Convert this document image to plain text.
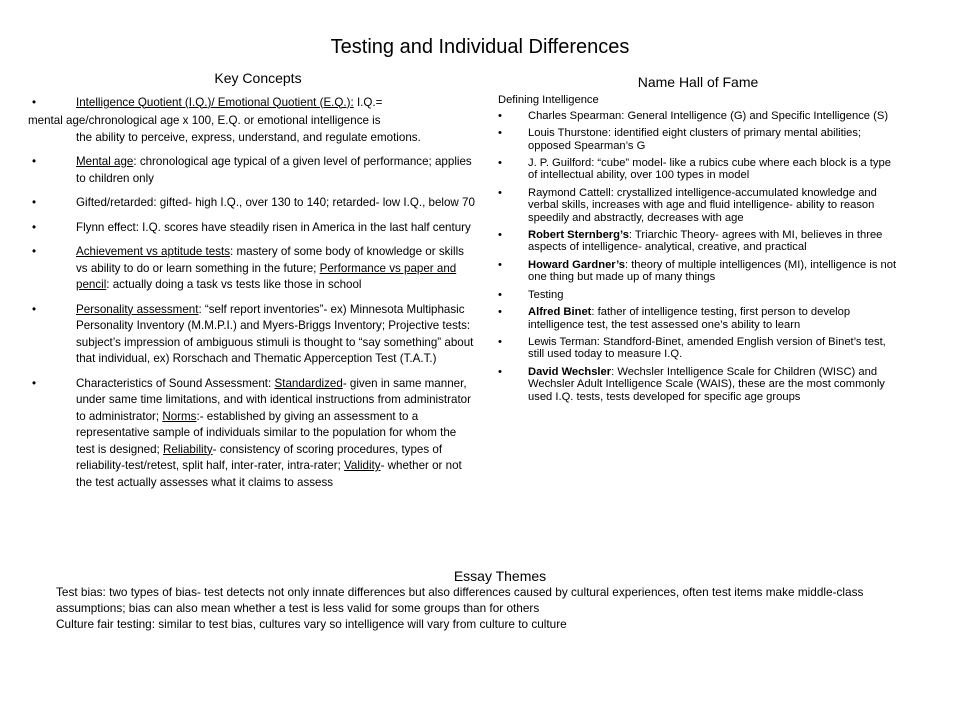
Testing and Individual Differences
Key Concepts
•	Intelligence Quotient (I.Q.)/ Emotional Quotient (E.Q.): I.Q.=
mental age/chronological age x 100, E.Q. or emotional intelligence is
the ability to perceive, express, understand, and regulate emotions.
•	Mental age: chronological age typical of a given level of performance; applies to children only
•	Gifted/retarded: gifted- high I.Q., over 130 to 140; retarded- low I.Q., below 70
•	Flynn effect: I.Q. scores have steadily risen in America in the last half century
•	Achievement vs aptitude tests: mastery of some body of knowledge or skills vs ability to do or learn something in the future; Performance vs paper and pencil: actually doing a task vs tests like those in school
•	Personality assessment: “self report inventories”- ex) Minnesota Multiphasic Personality Inventory (M.M.P.I.) and Myers-Briggs Inventory; Projective tests: subject’s impression of ambiguous stimuli is thought to “say something” about that individual, ex) Rorschach and Thematic Apperception Test (T.A.T.)
•	Characteristics of Sound Assessment: Standardized- given in same manner, under same time limitations, and with identical instructions from administrator to administrator; Norms:- established by giving an assessment to a representative sample of individuals similar to the population for whom the test is designed; Reliability- consistency of scoring procedures, types of reliability-test/retest, split half, inter-rater, intra-rater; Validity- whether or not the test actually assesses what it claims to assess
Name Hall of Fame
Defining Intelligence
• Charles Spearman: General Intelligence (G) and Specific Intelligence (S)
• Louis Thurstone: identified eight clusters of primary mental abilities; opposed Spearman’s G
• J. P. Guilford: “cube” model- like a rubics cube where each block is a type of intellectual ability, over 100 types in model
• Raymond Cattell: crystallized intelligence-accumulated knowledge and verbal skills, increases with age and fluid intelligence- ability to reason speedily and abstractly, decreases with age
• Robert Sternberg’s: Triarchic Theory- agrees with MI, believes in three aspects of intelligence- analytical, creative, and practical
• Howard Gardner’s: theory of multiple intelligences (MI), intelligence is not one thing but made up of many things
• Testing
• Alfred Binet: father of intelligence testing, first person to develop intelligence test, the test assessed one’s ability to learn
• Lewis Terman: Standford-Binet, amended English version of Binet’s test, still used today to measure I.Q.
• David Wechsler: Wechsler Intelligence Scale for Children (WISC) and Wechsler Adult Intelligence Scale (WAIS), these are the most commonly used I.Q. tests, tests developed for specific age groups
Essay Themes

Test bias: two types of bias- test detects not only innate differences but also differences caused by cultural experiences, often test items make middle-class assumptions; bias can also mean whether a test is less valid for some groups than for others

Culture fair testing: similar to test bias, cultures vary so intelligence will vary from culture to culture
